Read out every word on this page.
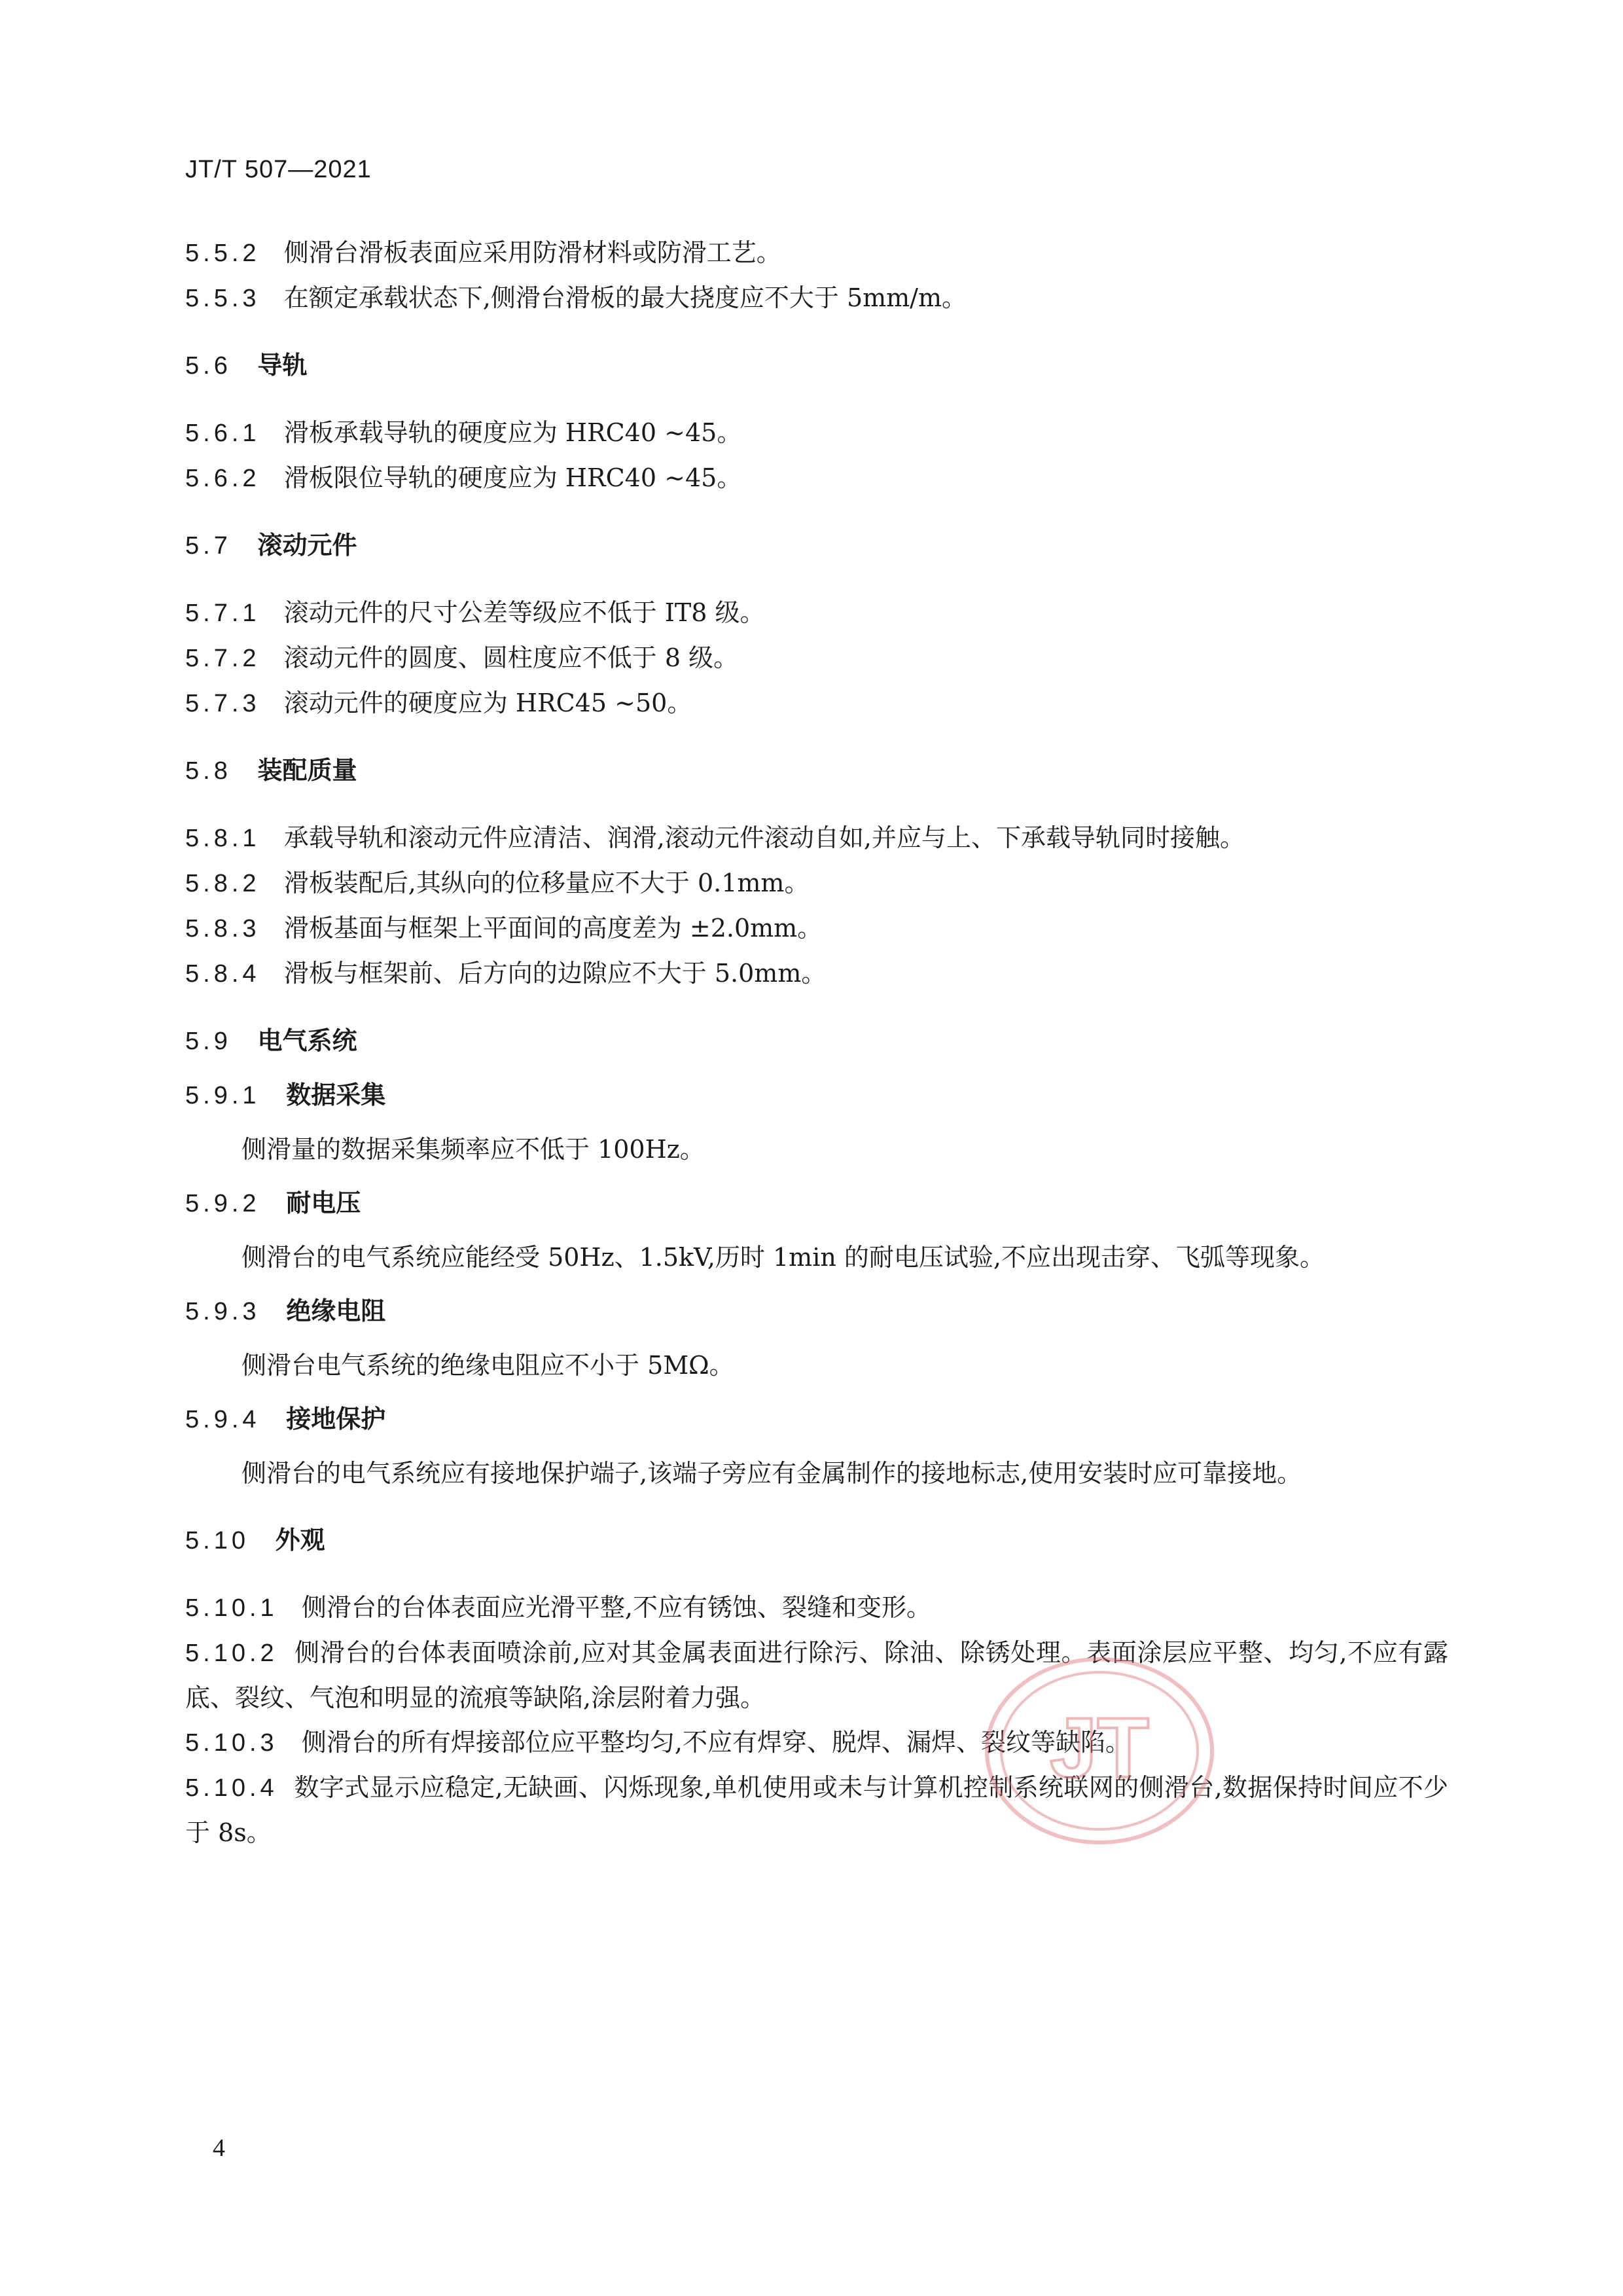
JT/T 507—2021
5.5.2 侧滑台滑板表面应采用防滑材料或防滑工艺。
5.5.3 在额定承载状态下,侧滑台滑板的最大挠度应不大于 5mm/m。
5.6 导轨
5.6.1 滑板承载导轨的硬度应为 HRC40 ~45。
5.6.2 滑板限位导轨的硬度应为 HRC40 ~45。
5.7 滚动元件
5.7.1 滚动元件的尺寸公差等级应不低于 IT8 级。
5.7.2 滚动元件的圆度、圆柱度应不低于 8 级。
5.7.3 滚动元件的硬度应为 HRC45 ~50。
5.8 装配质量
5.8.1 承载导轨和滚动元件应清洁、润滑,滚动元件滚动自如,并应与上、下承载导轨同时接触。
5.8.2 滑板装配后,其纵向的位移量应不大于 0.1mm。
5.8.3 滑板基面与框架上平面间的高度差为 ±2.0mm。
5.8.4 滑板与框架前、后方向的边隙应不大于 5.0mm。
5.9 电气系统
5.9.1 数据采集
侧滑量的数据采集频率应不低于 100Hz。
5.9.2 耐电压
侧滑台的电气系统应能经受 50Hz、1.5kV,历时 1min 的耐电压试验,不应出现击穿、飞弧等现象。
5.9.3 绝缘电阻
侧滑台电气系统的绝缘电阻应不小于 5MΩ。
5.9.4 接地保护
侧滑台的电气系统应有接地保护端子,该端子旁应有金属制作的接地标志,使用安装时应可靠接地。
5.10 外观
5.10.1 侧滑台的台体表面应光滑平整,不应有锈蚀、裂缝和变形。
5.10.2 侧滑台的台体表面喷涂前,应对其金属表面进行除污、除油、除锈处理。表面涂层应平整、均匀,不应有露底、裂纹、气泡和明显的流痕等缺陷,涂层附着力强。
5.10.3 侧滑台的所有焊接部位应平整均匀,不应有焊穿、脱焊、漏焊、裂纹等缺陷。
5.10.4 数字式显示应稳定,无缺画、闪烁现象,单机使用或未与计算机控制系统联网的侧滑台,数据保持时间应不少于 8s。
JT
4
